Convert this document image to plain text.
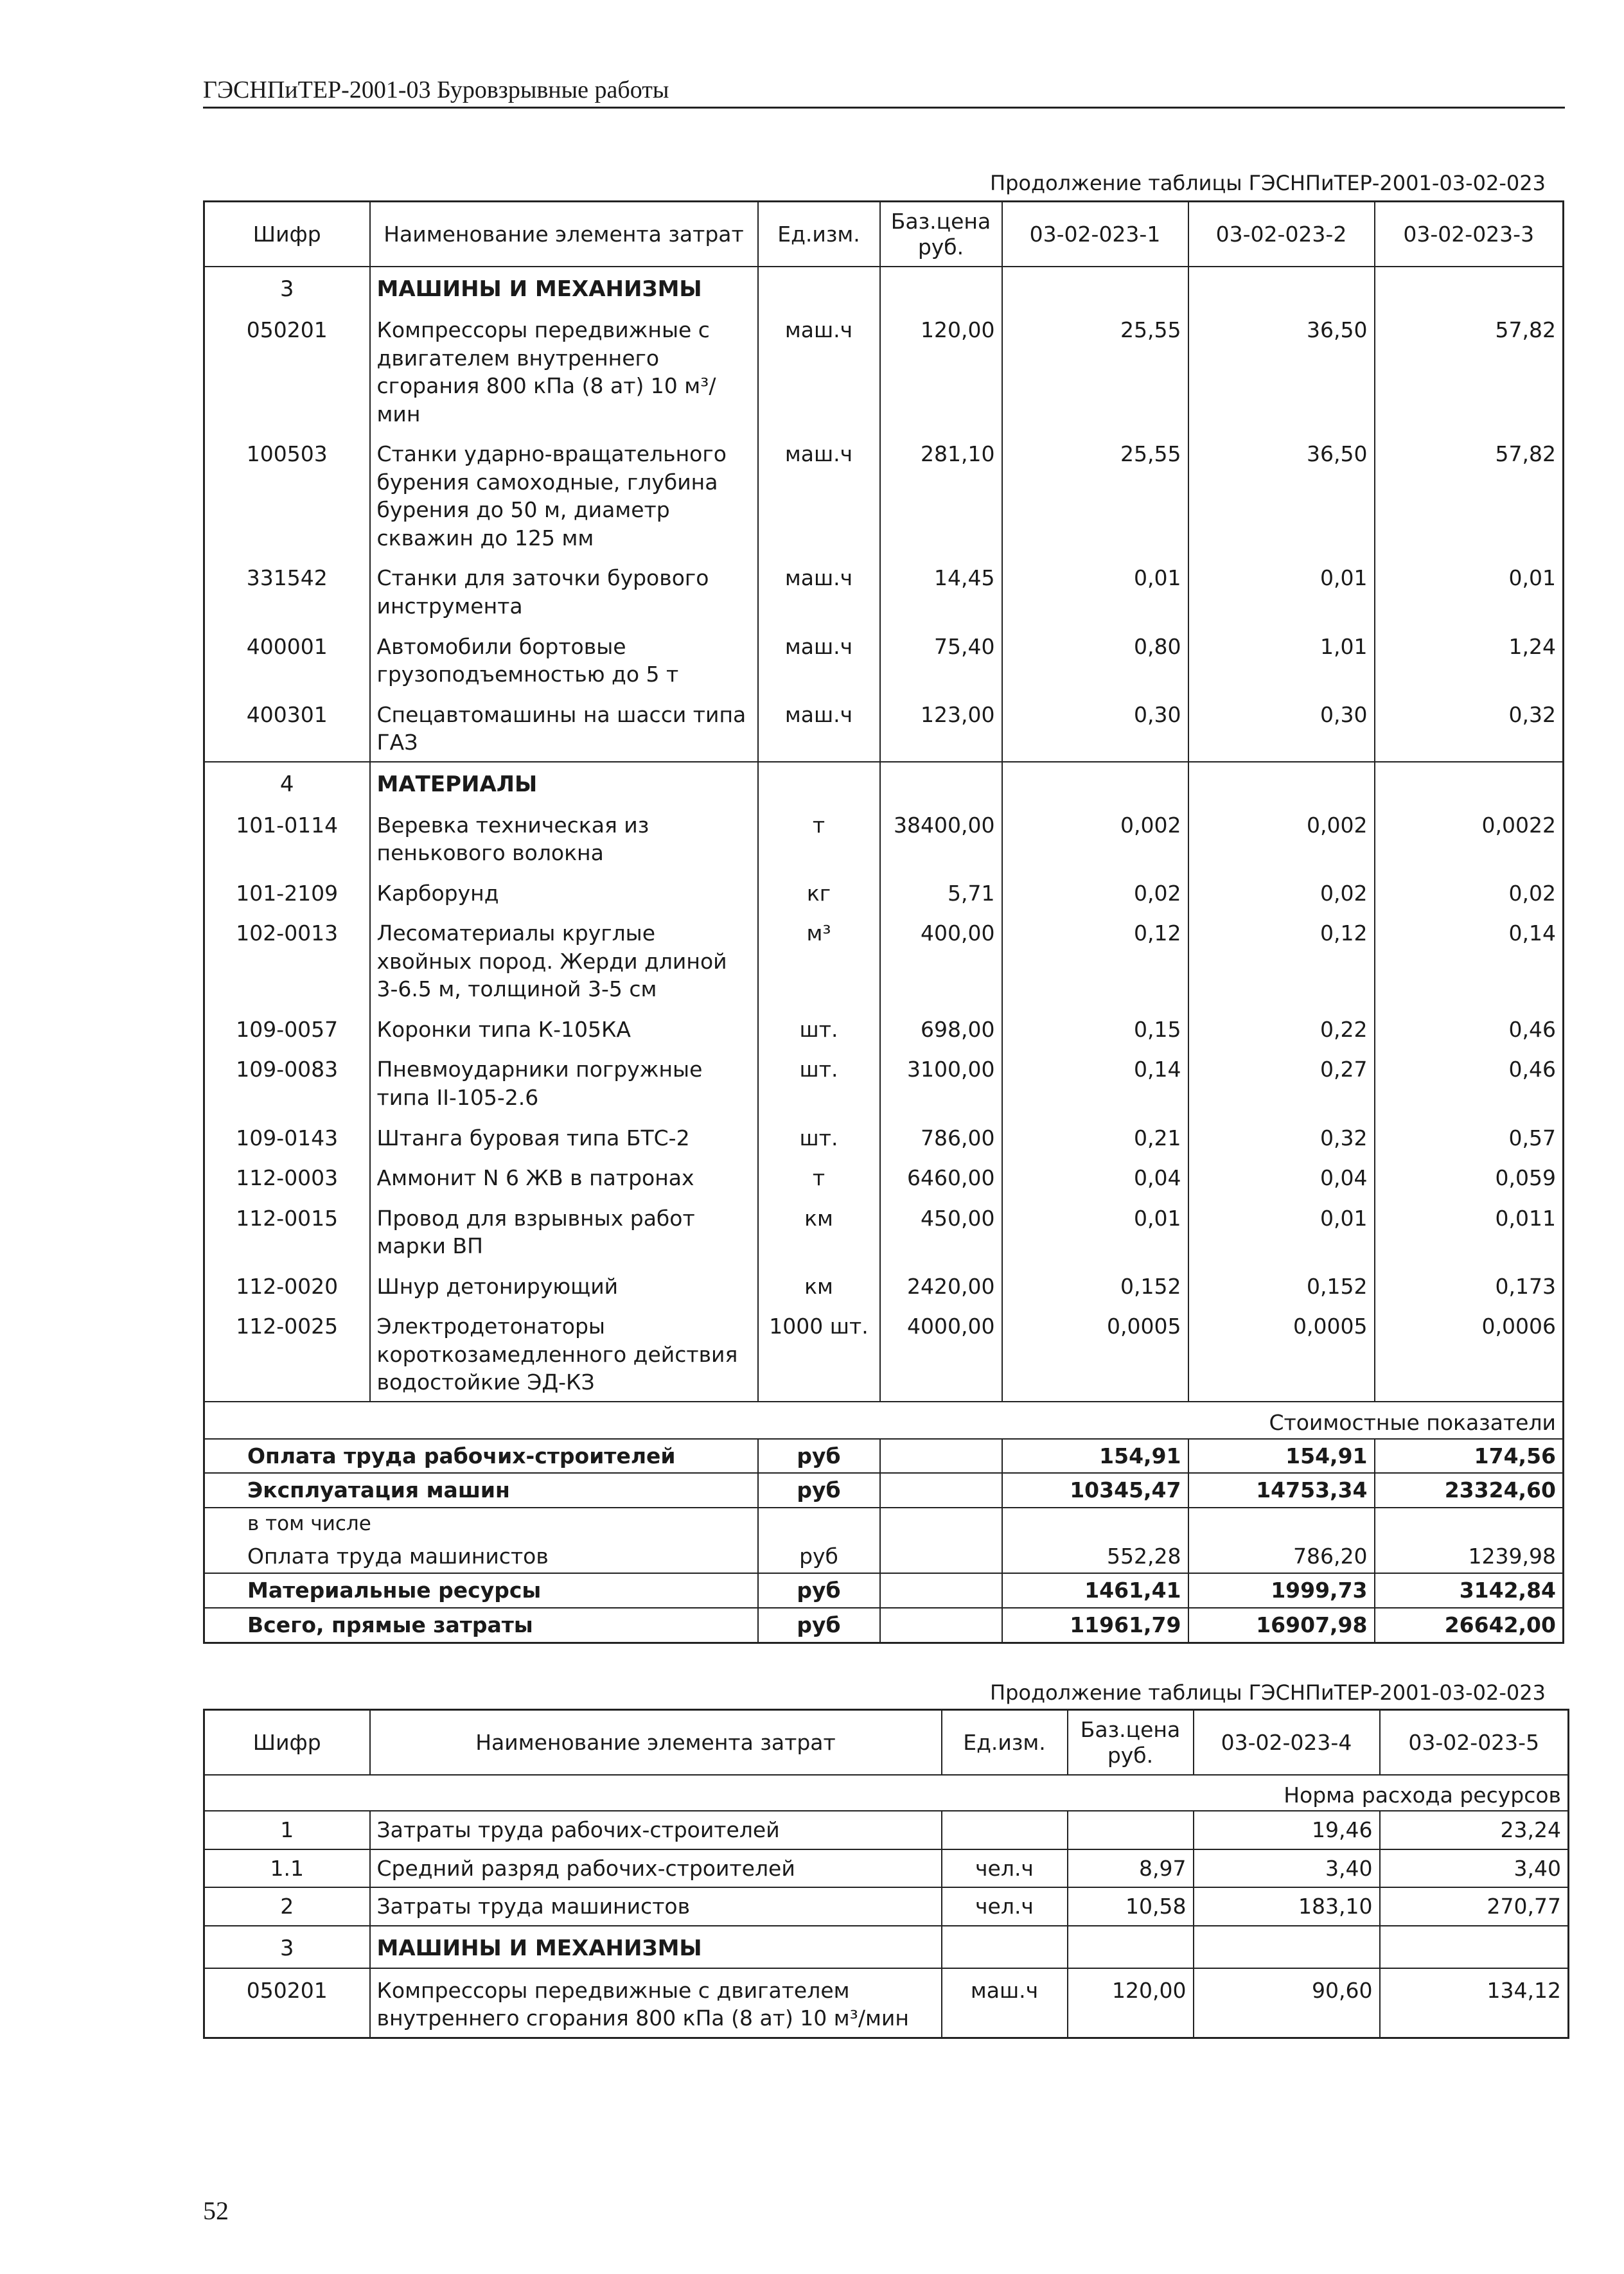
ГЭСНПиТЕР-2001-03 Буровзрывные работы
Продолжение таблицы ГЭСНПиТЕР-2001-03-02-023
Шифр	Наименование элемента затрат	Ед.изм.	Баз.цена руб.	03-02-023-1	03-02-023-2	03-02-023-3
3	МАШИНЫ И МЕХАНИЗМЫ					
050201	Компрессоры передвижные с двигателем внутреннего сгорания 800 кПа (8 ат) 10 м³/мин	маш.ч	120,00	25,55	36,50	57,82
100503	Станки ударно-вращательного бурения самоходные, глубина бурения до 50 м, диаметр скважин до 125 мм	маш.ч	281,10	25,55	36,50	57,82
331542	Станки для заточки бурового инструмента	маш.ч	14,45	0,01	0,01	0,01
400001	Автомобили бортовые грузоподъемностью до 5 т	маш.ч	75,40	0,80	1,01	1,24
400301	Спецавтомашины на шасси типа ГАЗ	маш.ч	123,00	0,30	0,30	0,32
4	МАТЕРИАЛЫ					
101-0114	Веревка техническая из пенькового волокна	т	38400,00	0,002	0,002	0,0022
101-2109	Карборунд	кг	5,71	0,02	0,02	0,02
102-0013	Лесоматериалы круглые хвойных пород. Жерди длиной 3-6.5 м, толщиной 3-5 см	м³	400,00	0,12	0,12	0,14
109-0057	Коронки типа К-105КА	шт.	698,00	0,15	0,22	0,46
109-0083	Пневмоударники погружные типа II-105-2.6	шт.	3100,00	0,14	0,27	0,46
109-0143	Штанга буровая типа БТС-2	шт.	786,00	0,21	0,32	0,57
112-0003	Аммонит N 6 ЖВ в патронах	т	6460,00	0,04	0,04	0,059
112-0015	Провод для взрывных работ марки ВП	км	450,00	0,01	0,01	0,011
112-0020	Шнур детонирующий	км	2420,00	0,152	0,152	0,173
112-0025	Электродетонаторы короткозамедленного действия водостойкие ЭД-КЗ	1000 шт.	4000,00	0,0005	0,0005	0,0006
Стоимостные показатели						
Оплата труда рабочих-строителей		руб		154,91	154,91	174,56
Эксплуатация машин		руб		10345,47	14753,34	23324,60
в том числе						
Оплата труда машинистов		руб		552,28	786,20	1239,98
Материальные ресурсы		руб		1461,41	1999,73	3142,84
Всего, прямые затраты		руб		11961,79	16907,98	26642,00
Продолжение таблицы ГЭСНПиТЕР-2001-03-02-023
Шифр	Наименование элемента затрат	Ед.изм.	Баз.цена руб.	03-02-023-4	03-02-023-5
Норма расхода ресурсов					
1	Затраты труда рабочих-строителей			19,46	23,24
1.1	Средний разряд рабочих-строителей	чел.ч	8,97	3,40	3,40
2	Затраты труда машинистов	чел.ч	10,58	183,10	270,77
3	МАШИНЫ И МЕХАНИЗМЫ				
050201	Компрессоры передвижные с двигателем внутреннего сгорания 800 кПа (8 ат) 10 м³/мин	маш.ч	120,00	90,60	134,12
52
